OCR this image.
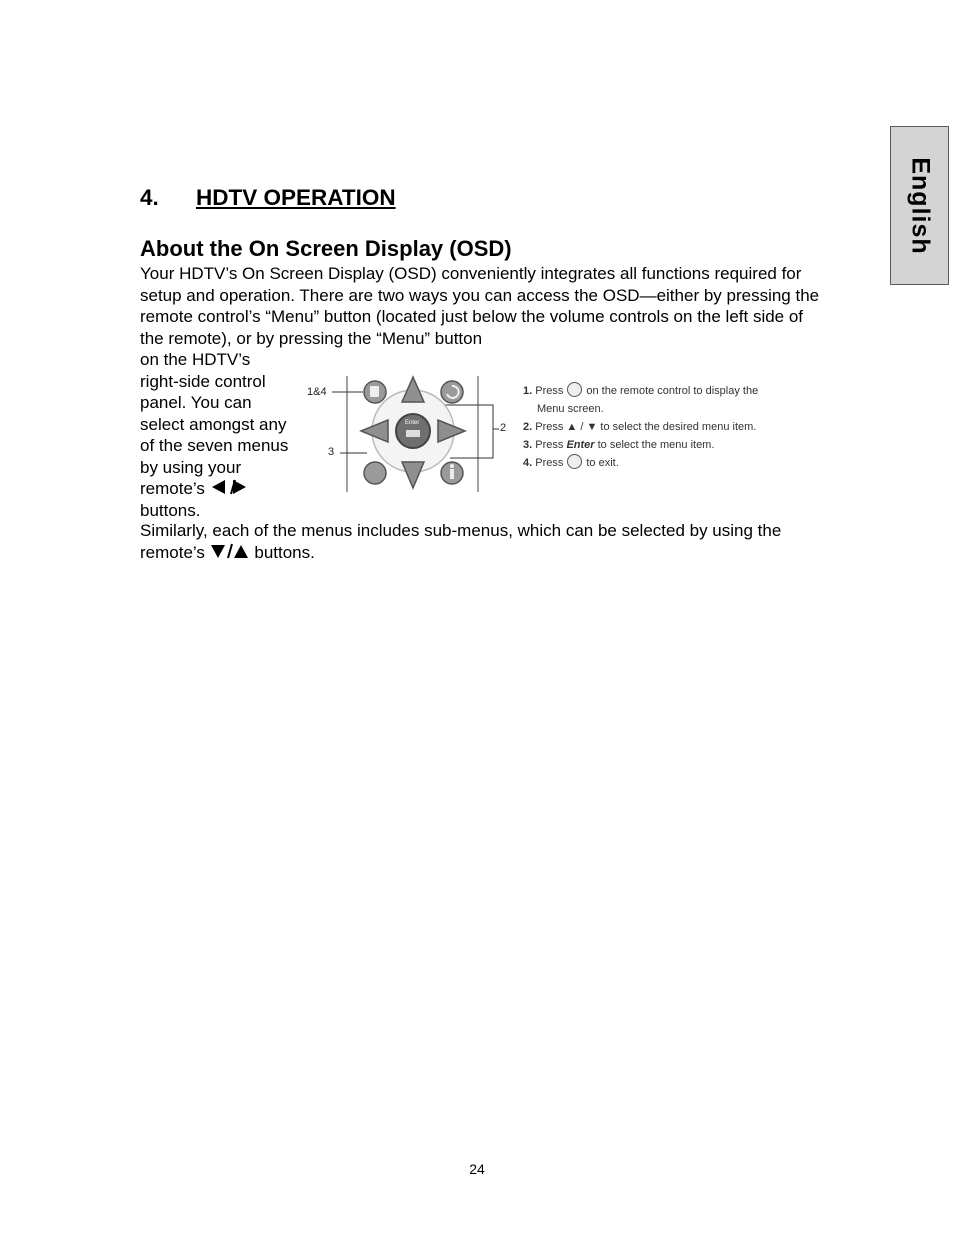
English
4. HDTV OPERATION
About the On Screen Display (OSD)

Your HDTV’s On Screen Display (OSD) conveniently integrates all functions required for setup and operation. There are two ways you can access the OSD—either by pressing the remote control’s “Menu” button (located just below the volume controls on the left side of the remote), or by pressing the “Menu” button

on the HDTV’s right-side control panel. You can select amongst any of the seven menus by using your remote’s  buttons.

Similarly, each of the menus includes sub-menus, which can be selected by using the remote’s	buttons.

Enter
1&4
3
2
1. Press on the remote control to display the
Menu screen.
2. Press ▲ / ▼ to select the desired menu item.
3. Press Enter to select the menu item.
4. Press to exit.
24
